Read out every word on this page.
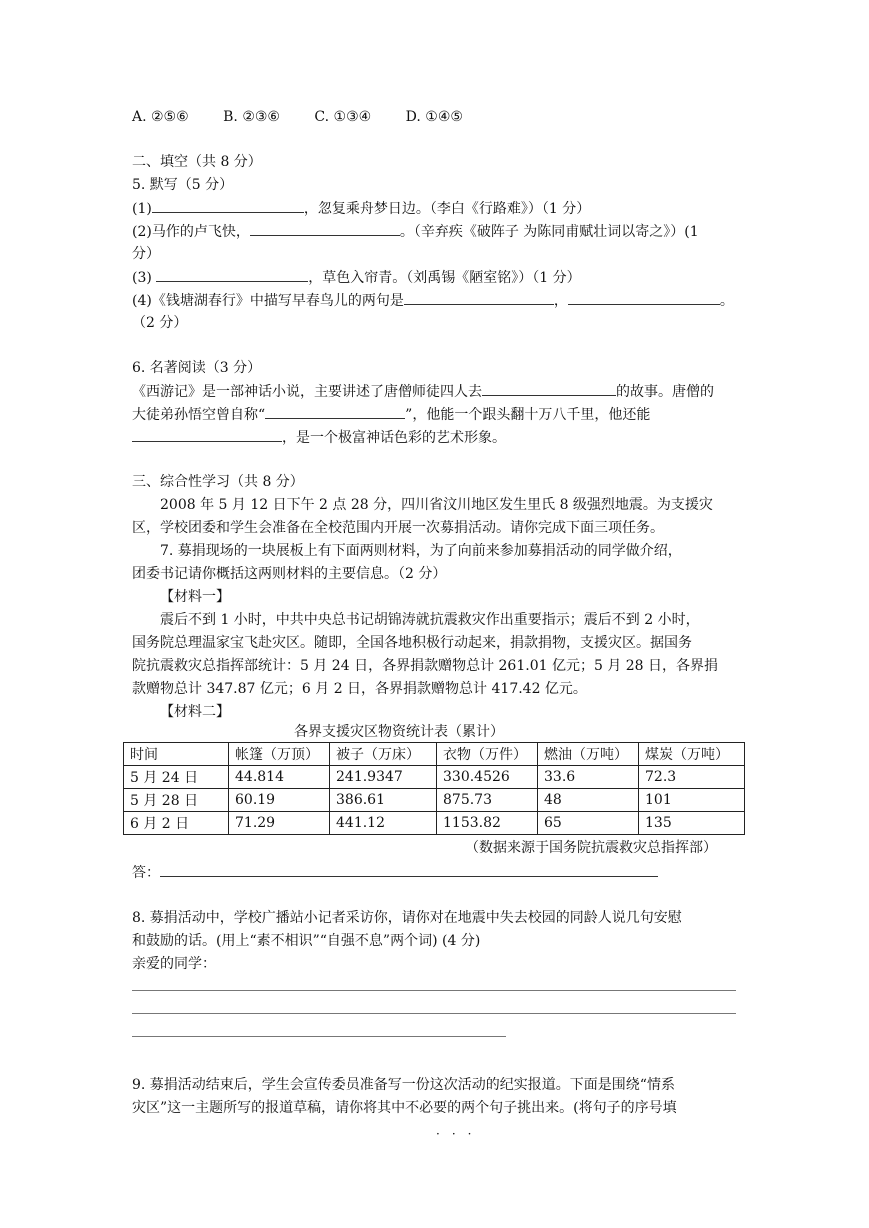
A. ②⑤⑥ B. ②③⑥ C. ①③④ D. ①④⑤
二、填空（共 8 分）
5. 默写（5 分）
(1)	，忽复乘舟梦日边。（李白《行路难》）（1 分）
(2)马作的卢飞快，	。（辛弃疾《破阵子 为陈同甫赋壮词以寄之》）(1
分）
(3)	，草色入帘青。（刘禹锡《陋室铭》）（1 分）
(4)《钱塘湖春行》中描写早春鸟儿的两句是	，	。
（2 分）
6. 名著阅读（3 分）
《西游记》是一部神话小说，主要讲述了唐僧师徒四人去	的故事。唐僧的
大徒弟孙悟空曾自称“	”，他能一个跟头翻十万八千里，他还能
，是一个极富神话色彩的艺术形象。
三、综合性学习（共 8 分）
2008 年 5 月 12 日下午 2 点 28 分，四川省汶川地区发生里氏 8 级强烈地震。为支援灾
区，学校团委和学生会准备在全校范围内开展一次募捐活动。请你完成下面三项任务。
7. 募捐现场的一块展板上有下面两则材料，为了向前来参加募捐活动的同学做介绍，
团委书记请你概括这两则材料的主要信息。（2 分）
【材料一】
震后不到 1 小时，中共中央总书记胡锦涛就抗震救灾作出重要指示；震后不到 2 小时，
国务院总理温家宝飞赴灾区。随即，全国各地积极行动起来，捐款捐物，支援灾区。据国务
院抗震救灾总指挥部统计：5 月 24 日，各界捐款赠物总计 261.01 亿元；5 月 28 日，各界捐
款赠物总计 347.87 亿元；6 月 2 日，各界捐款赠物总计 417.42 亿元。
【材料二】
各界支援灾区物资统计表（累计）
时间	帐篷（万顶）	被子（万床）	衣物（万件）	燃油（万吨）	煤炭（万吨）
5 月 24 日	44.814	241.9347	330.4526	33.6	72.3
5 月 28 日	60.19	386.61	875.73	48	101
6 月 2 日	71.29	441.12	1153.82	65	135
（数据来源于国务院抗震救灾总指挥部）
答：
8. 募捐活动中，学校广播站小记者采访你，请你对在地震中失去校园的同龄人说几句安慰
和鼓励的话。(用上“素不相识”“自强不息”两个词) (4 分)
亲爱的同学：
9. 募捐活动结束后，学生会宣传委员准备写一份这次活动的纪实报道。下面是围绕“情系
灾区”这一主题所写的报道草稿，请你将其中不必要的两个句子挑出来。(将句子的序号填
···
